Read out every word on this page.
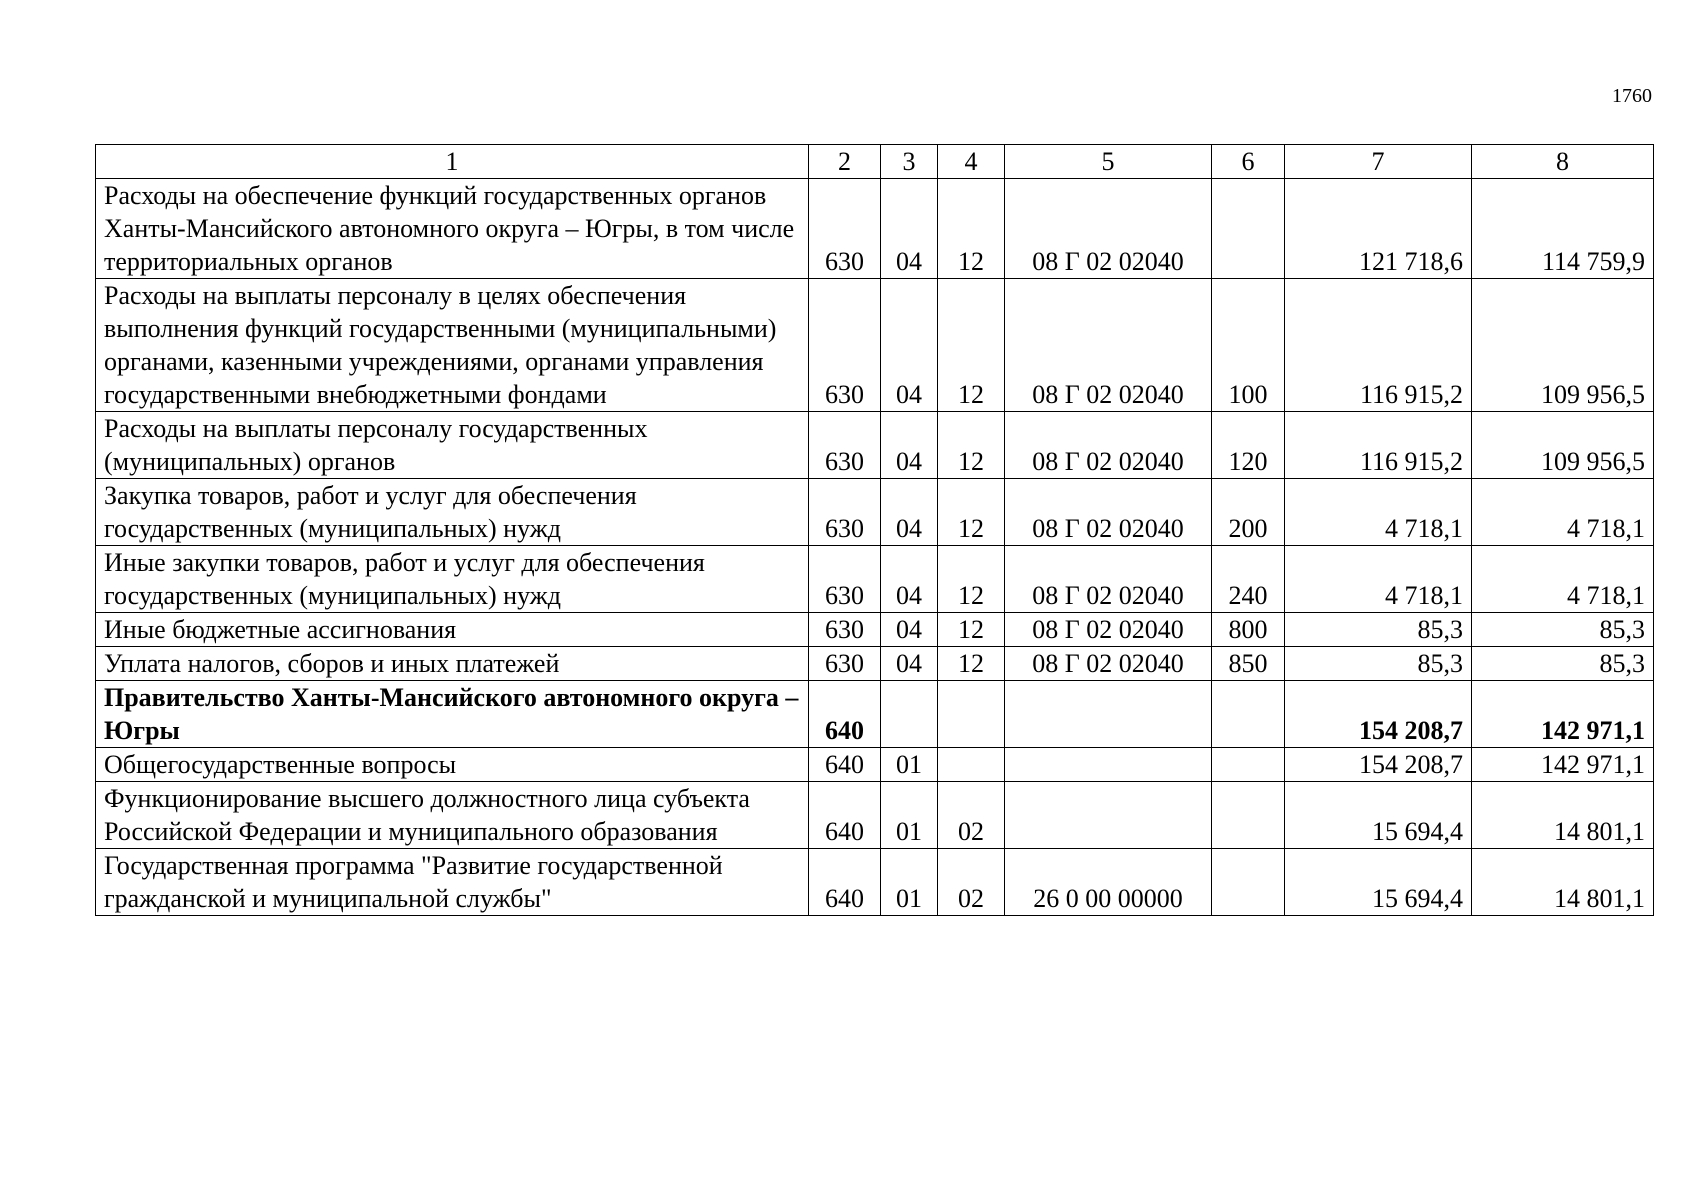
1760
1	2	3	4	5	6	7	8
Расходы на обеспечение функций государственных органов Ханты-Мансийского автономного округа – Югры, в том числе территориальных органов	630	04	12	08 Г 02 02040		121 718,6	114 759,9
Расходы на выплаты персоналу в целях обеспечения выполнения функций государственными (муниципальными) органами, казенными учреждениями, органами управления государственными внебюджетными фондами	630	04	12	08 Г 02 02040	100	116 915,2	109 956,5
Расходы на выплаты персоналу государственных (муниципальных) органов	630	04	12	08 Г 02 02040	120	116 915,2	109 956,5
Закупка товаров, работ и услуг для обеспечения государственных (муниципальных) нужд	630	04	12	08 Г 02 02040	200	4 718,1	4 718,1
Иные закупки товаров, работ и услуг для обеспечения государственных (муниципальных) нужд	630	04	12	08 Г 02 02040	240	4 718,1	4 718,1
Иные бюджетные ассигнования	630	04	12	08 Г 02 02040	800	85,3	85,3
Уплата налогов, сборов и иных платежей	630	04	12	08 Г 02 02040	850	85,3	85,3
Правительство Ханты-Мансийского автономного округа – Югры	640					154 208,7	142 971,1
Общегосударственные вопросы	640	01				154 208,7	142 971,1
Функционирование высшего должностного лица субъекта Российской Федерации и муниципального образования	640	01	02			15 694,4	14 801,1
Государственная программа "Развитие государственной гражданской и муниципальной службы"	640	01	02	26 0 00 00000		15 694,4	14 801,1
